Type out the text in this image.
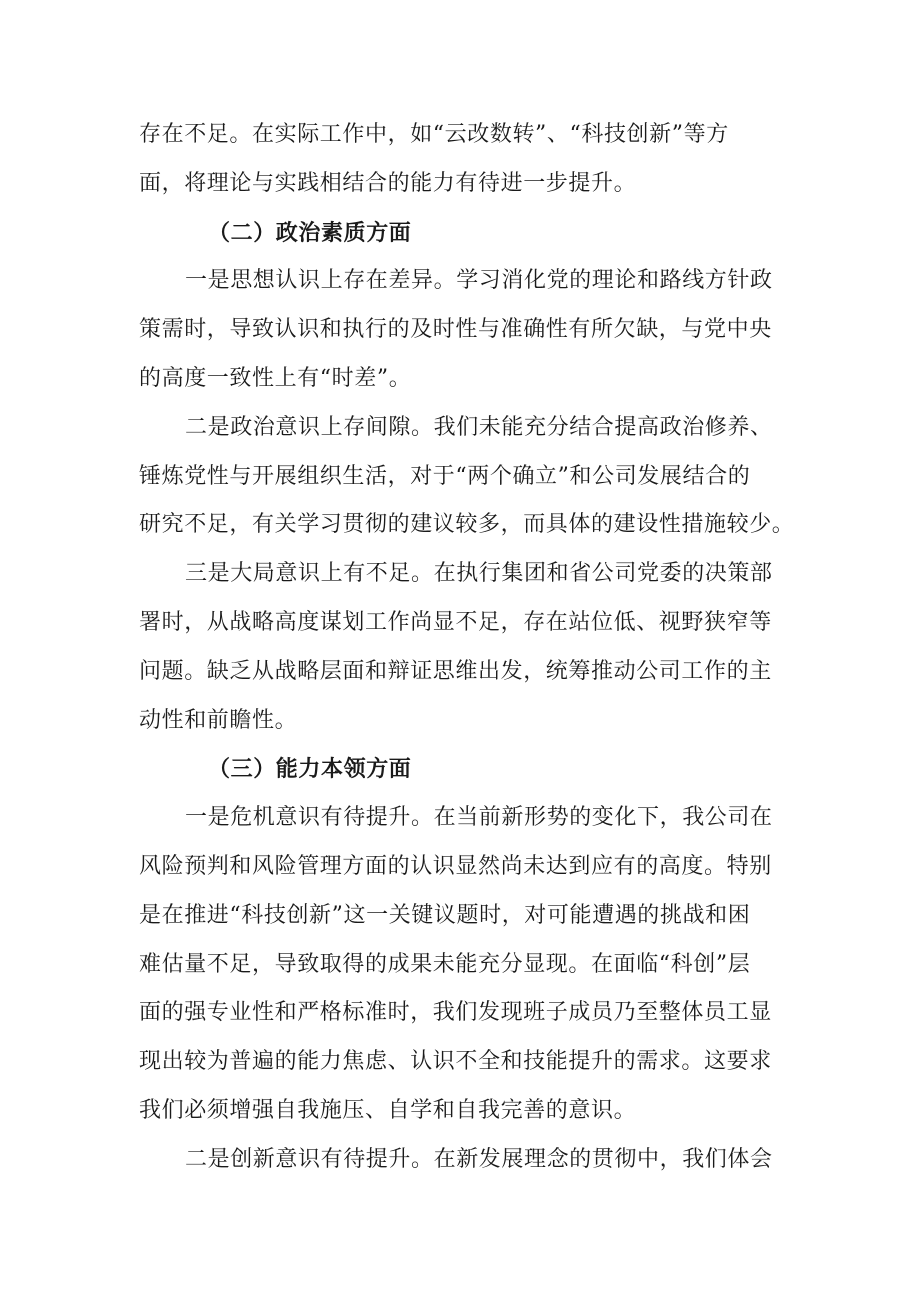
存在不足。在实际工作中，如“云改数转”、“科技创新”等方
面，将理论与实践相结合的能力有待进一步提升。
（二）政治素质方面
一是思想认识上存在差异。学习消化党的理论和路线方针政
策需时，导致认识和执行的及时性与准确性有所欠缺，与党中央
的高度一致性上有“时差”。
二是政治意识上存间隙。我们未能充分结合提高政治修养、
锤炼党性与开展组织生活，对于“两个确立”和公司发展结合的
研究不足，有关学习贯彻的建议较多，而具体的建设性措施较少。
三是大局意识上有不足。在执行集团和省公司党委的决策部
署时，从战略高度谋划工作尚显不足，存在站位低、视野狭窄等
问题。缺乏从战略层面和辩证思维出发，统筹推动公司工作的主
动性和前瞻性。
（三）能力本领方面
一是危机意识有待提升。在当前新形势的变化下，我公司在
风险预判和风险管理方面的认识显然尚未达到应有的高度。特别
是在推进“科技创新”这一关键议题时，对可能遭遇的挑战和困
难估量不足，导致取得的成果未能充分显现。在面临“科创”层
面的强专业性和严格标准时，我们发现班子成员乃至整体员工显
现出较为普遍的能力焦虑、认识不全和技能提升的需求。这要求
我们必须增强自我施压、自学和自我完善的意识。
二是创新意识有待提升。在新发展理念的贯彻中，我们体会
